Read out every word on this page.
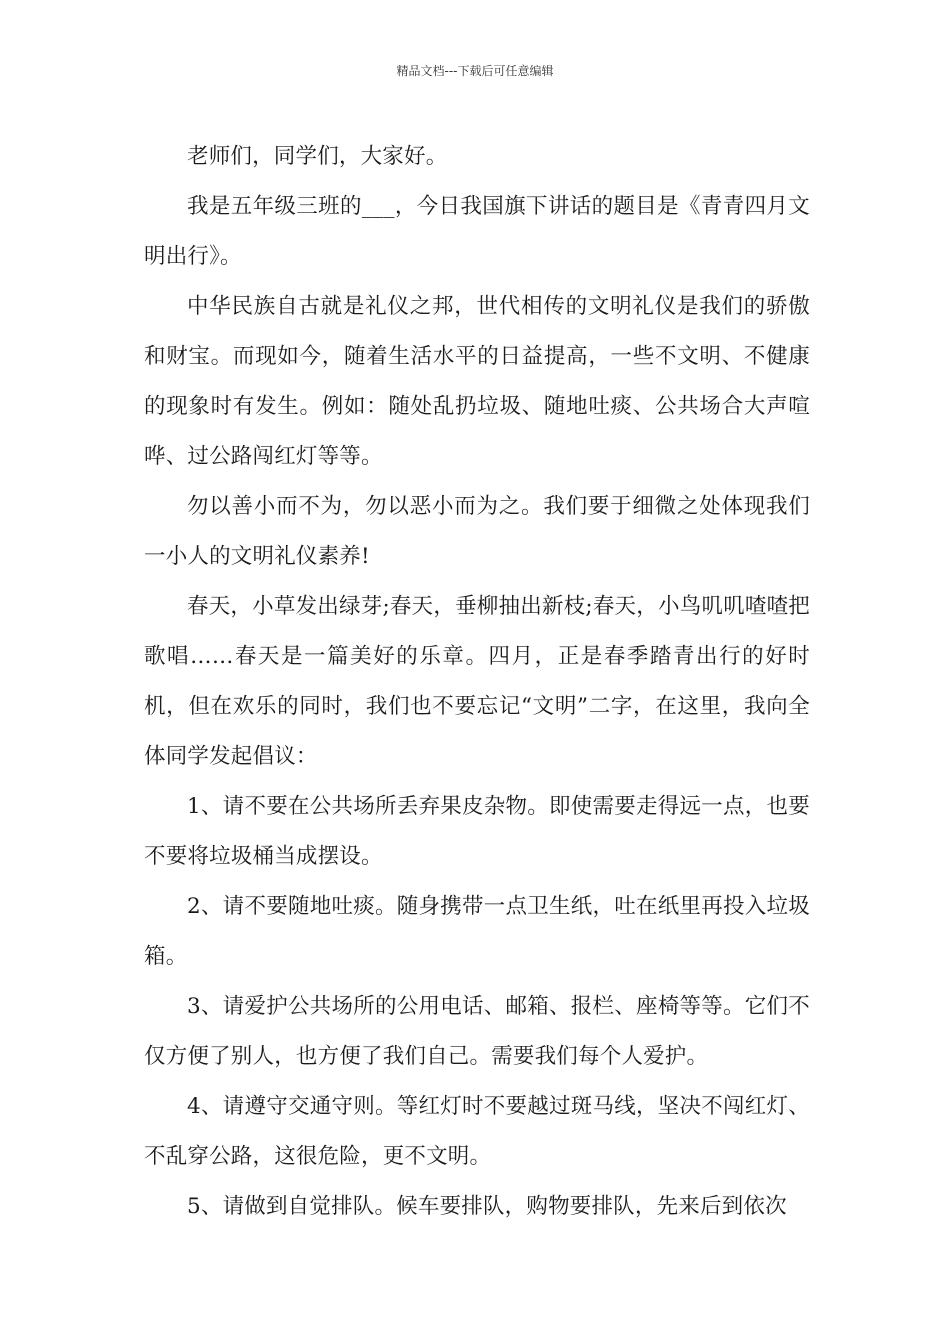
精品文档---下载后可任意编辑

老师们，同学们，大家好。

我是五年级三班的___，今日我国旗下讲话的题目是《青青四月文明出行》。

中华民族自古就是礼仪之邦，世代相传的文明礼仪是我们的骄傲和财宝。而现如今，随着生活水平的日益提高，一些不文明、不健康的现象时有发生。例如：随处乱扔垃圾、随地吐痰、公共场合大声喧哗、过公路闯红灯等等。

勿以善小而不为，勿以恶小而为之。我们要于细微之处体现我们一小人的文明礼仪素养!

春天，小草发出绿芽;春天，垂柳抽出新枝;春天，小鸟叽叽喳喳把歌唱……春天是一篇美好的乐章。四月，正是春季踏青出行的好时机，但在欢乐的同时，我们也不要忘记“文明”二字，在这里，我向全体同学发起倡议：

1、请不要在公共场所丢弃果皮杂物。即使需要走得远一点，也要不要将垃圾桶当成摆设。

2、请不要随地吐痰。随身携带一点卫生纸，吐在纸里再投入垃圾箱。

3、请爱护公共场所的公用电话、邮箱、报栏、座椅等等。它们不仅方便了别人，也方便了我们自己。需要我们每个人爱护。

4、请遵守交通守则。等红灯时不要越过斑马线，坚决不闯红灯、不乱穿公路，这很危险，更不文明。

5、请做到自觉排队。候车要排队，购物要排队，先来后到依次
